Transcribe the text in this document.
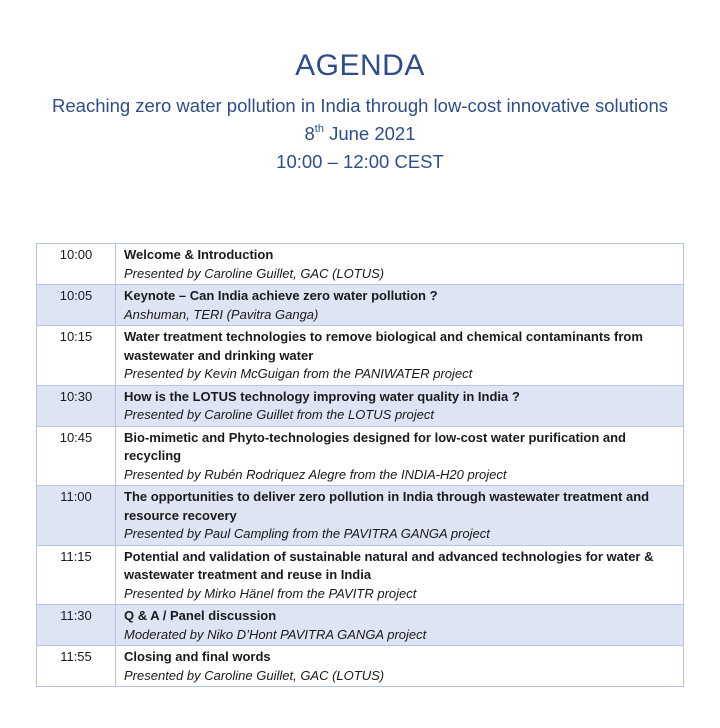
AGENDA
Reaching zero water pollution in India through low-cost innovative solutions
8th June 2021
10:00 – 12:00 CEST
10:00	Welcome & Introduction
Presented by Caroline Guillet, GAC (LOTUS)

10:05	Keynote – Can India achieve zero water pollution ?
Anshuman, TERI (Pavitra Ganga)

10:15	Water treatment technologies to remove biological and chemical contaminants from wastewater and drinking water
Presented by Kevin McGuigan from the PANIWATER project

10:30	How is the LOTUS technology improving water quality in India ?
Presented by Caroline Guillet from the LOTUS project

10:45	Bio-mimetic and Phyto-technologies designed for low-cost water purification and recycling
Presented by Rubén Rodriquez Alegre from the INDIA-H20 project

11:00	The opportunities to deliver zero pollution in India through wastewater treatment and resource recovery
Presented by Paul Campling from the PAVITRA GANGA project

11:15	Potential and validation of sustainable natural and advanced technologies for water & wastewater treatment and reuse in India
Presented by Mirko Hänel from the PAVITR project

11:30	Q & A / Panel discussion
Moderated by Niko D’Hont PAVITRA GANGA project

11:55	Closing and final words
Presented by Caroline Guillet, GAC (LOTUS)
